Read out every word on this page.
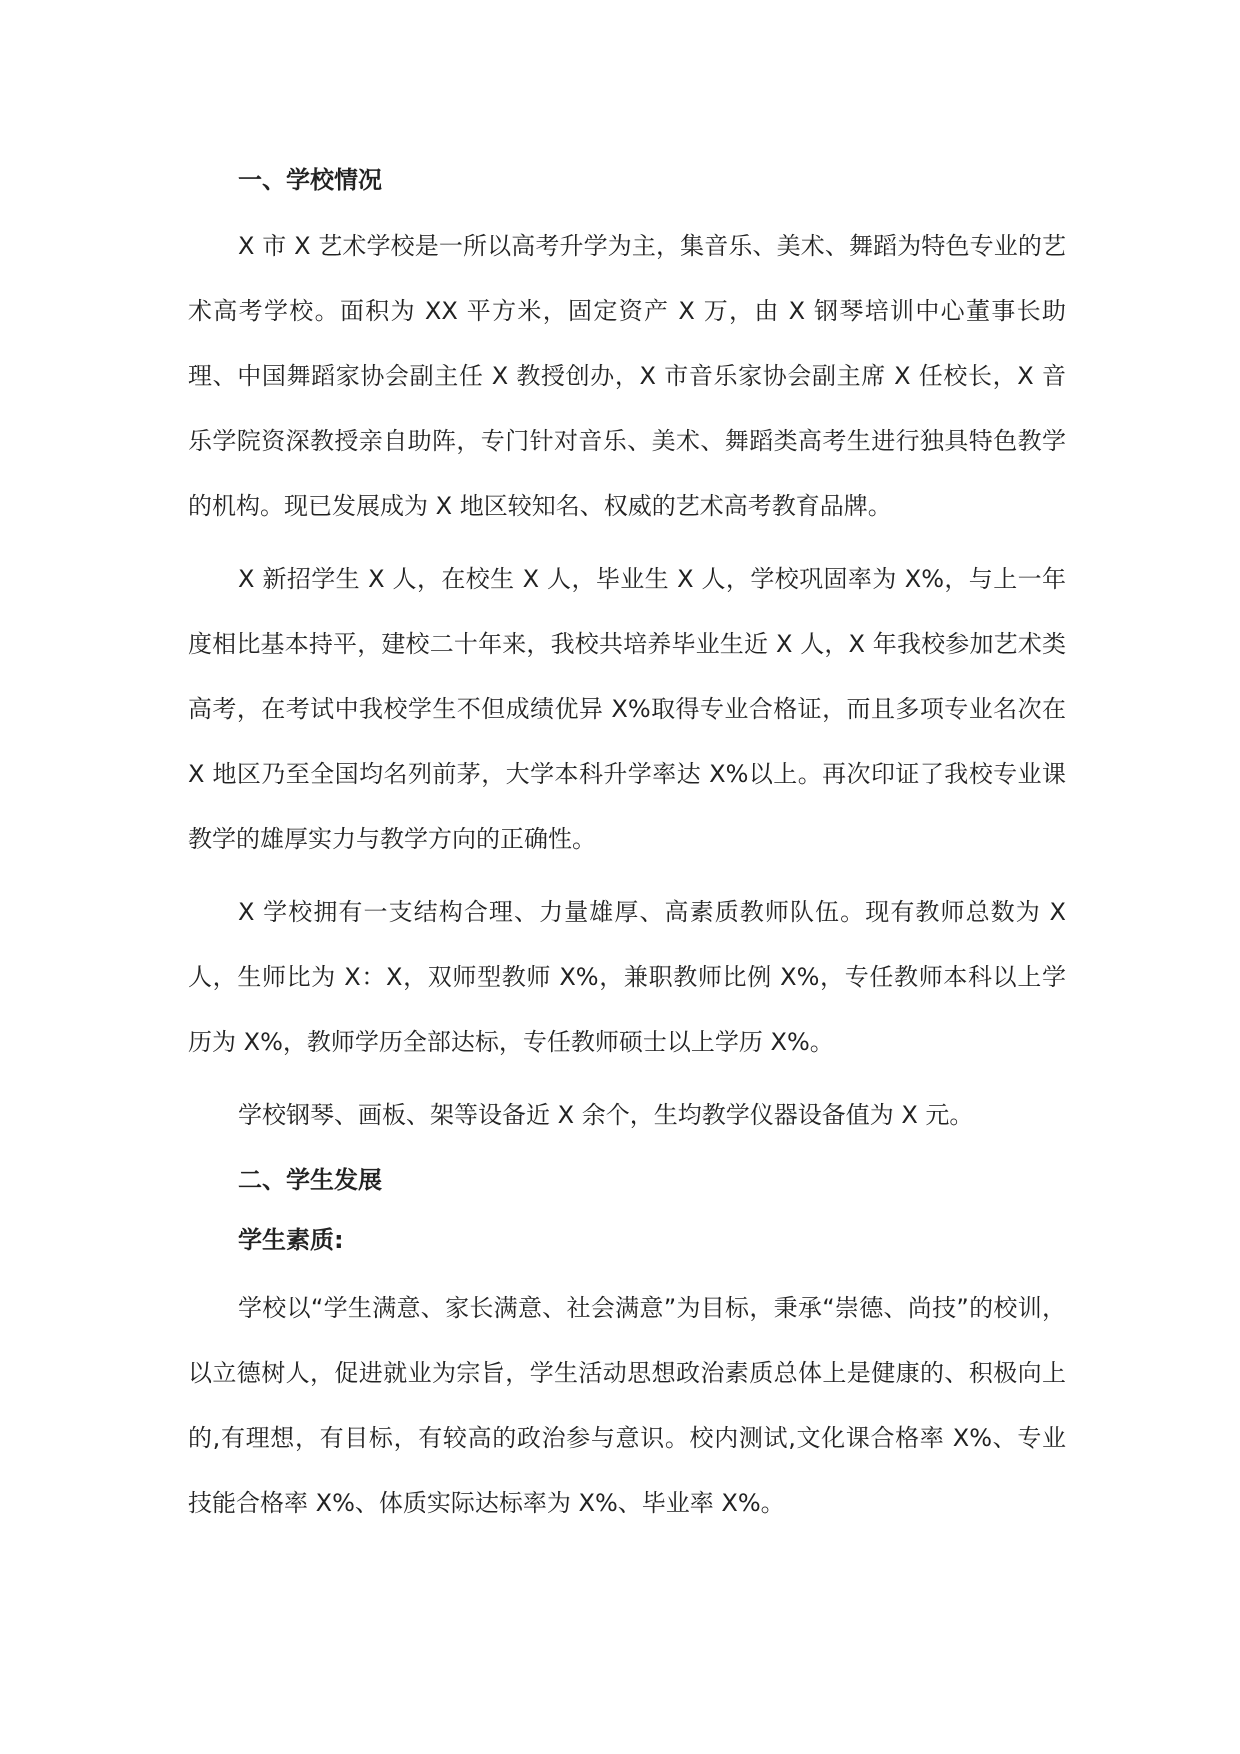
一、学校情况

X 市 X 艺术学校是一所以高考升学为主，集音乐、美术、舞蹈为特色专业的艺术高考学校。面积为 XX 平方米，固定资产 X 万，由 X 钢琴培训中心董事长助理、中国舞蹈家协会副主任 X 教授创办，X 市音乐家协会副主席 X 任校长，X 音乐学院资深教授亲自助阵，专门针对音乐、美术、舞蹈类高考生进行独具特色教学的机构。现已发展成为 X 地区较知名、权威的艺术高考教育品牌。

X 新招学生 X 人，在校生 X 人，毕业生 X 人，学校巩固率为 X%，与上一年度相比基本持平，建校二十年来，我校共培养毕业生近 X 人，X 年我校参加艺术类高考，在考试中我校学生不但成绩优异 X%取得专业合格证，而且多项专业名次在 X 地区乃至全国均名列前茅，大学本科升学率达 X%以上。再次印证了我校专业课教学的雄厚实力与教学方向的正确性。

X 学校拥有一支结构合理、力量雄厚、高素质教师队伍。现有教师总数为 X 人，生师比为 X：X，双师型教师 X%，兼职教师比例 X%，专任教师本科以上学历为 X%，教师学历全部达标，专任教师硕士以上学历 X%。

学校钢琴、画板、架等设备近 X 余个，生均教学仪器设备值为 X 元。

二、学生发展
学生素质:

学校以“学生满意、家长满意、社会满意”为目标，秉承“崇德、尚技”的校训，以立德树人，促进就业为宗旨，学生活动思想政治素质总体上是健康的、积极向上的,有理想，有目标，有较高的政治参与意识。校内测试,文化课合格率 X%、专业技能合格率 X%、体质实际达标率为 X%、毕业率 X%。
